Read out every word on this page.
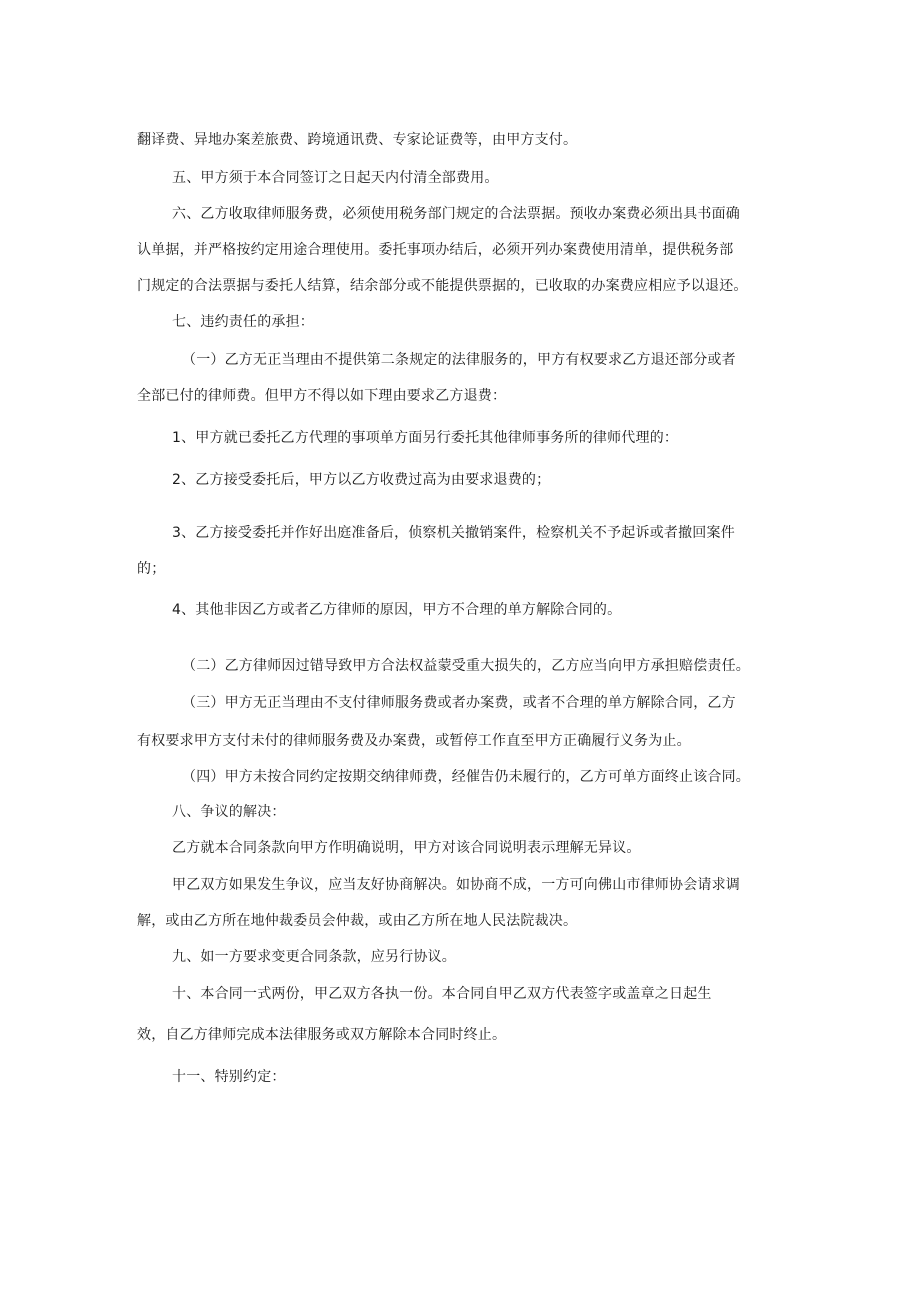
翻译费、异地办案差旅费、跨境通讯费、专家论证费等，由甲方支付。
五、甲方须于本合同签订之日起天内付清全部费用。
六、乙方收取律师服务费，必须使用税务部门规定的合法票据。预收办案费必须出具书面确
认单据，并严格按约定用途合理使用。委托事项办结后，必须开列办案费使用清单，提供税务部
门规定的合法票据与委托人结算，结余部分或不能提供票据的，已收取的办案费应相应予以退还。
七、违约责任的承担：
（一）乙方无正当理由不提供第二条规定的法律服务的，甲方有权要求乙方退还部分或者
全部已付的律师费。但甲方不得以如下理由要求乙方退费：
1、甲方就已委托乙方代理的事项单方面另行委托其他律师事务所的律师代理的：
2、乙方接受委托后，甲方以乙方收费过高为由要求退费的；
3、乙方接受委托并作好出庭准备后，侦察机关撤销案件，检察机关不予起诉或者撤回案件
的；
4、其他非因乙方或者乙方律师的原因，甲方不合理的单方解除合同的。
（二）乙方律师因过错导致甲方合法权益蒙受重大损失的，乙方应当向甲方承担赔偿责任。
（三）甲方无正当理由不支付律师服务费或者办案费，或者不合理的单方解除合同，乙方
有权要求甲方支付未付的律师服务费及办案费，或暂停工作直至甲方正确履行义务为止。
（四）甲方未按合同约定按期交纳律师费，经催告仍未履行的，乙方可单方面终止该合同。
八、争议的解决：
乙方就本合同条款向甲方作明确说明，甲方对该合同说明表示理解无异议。
甲乙双方如果发生争议，应当友好协商解决。如协商不成，一方可向佛山市律师协会请求调
解，或由乙方所在地仲裁委员会仲裁，或由乙方所在地人民法院裁决。
九、如一方要求变更合同条款，应另行协议。
十、本合同一式两份，甲乙双方各执一份。本合同自甲乙双方代表签字或盖章之日起生
效，自乙方律师完成本法律服务或双方解除本合同时终止。
十一、特别约定：
